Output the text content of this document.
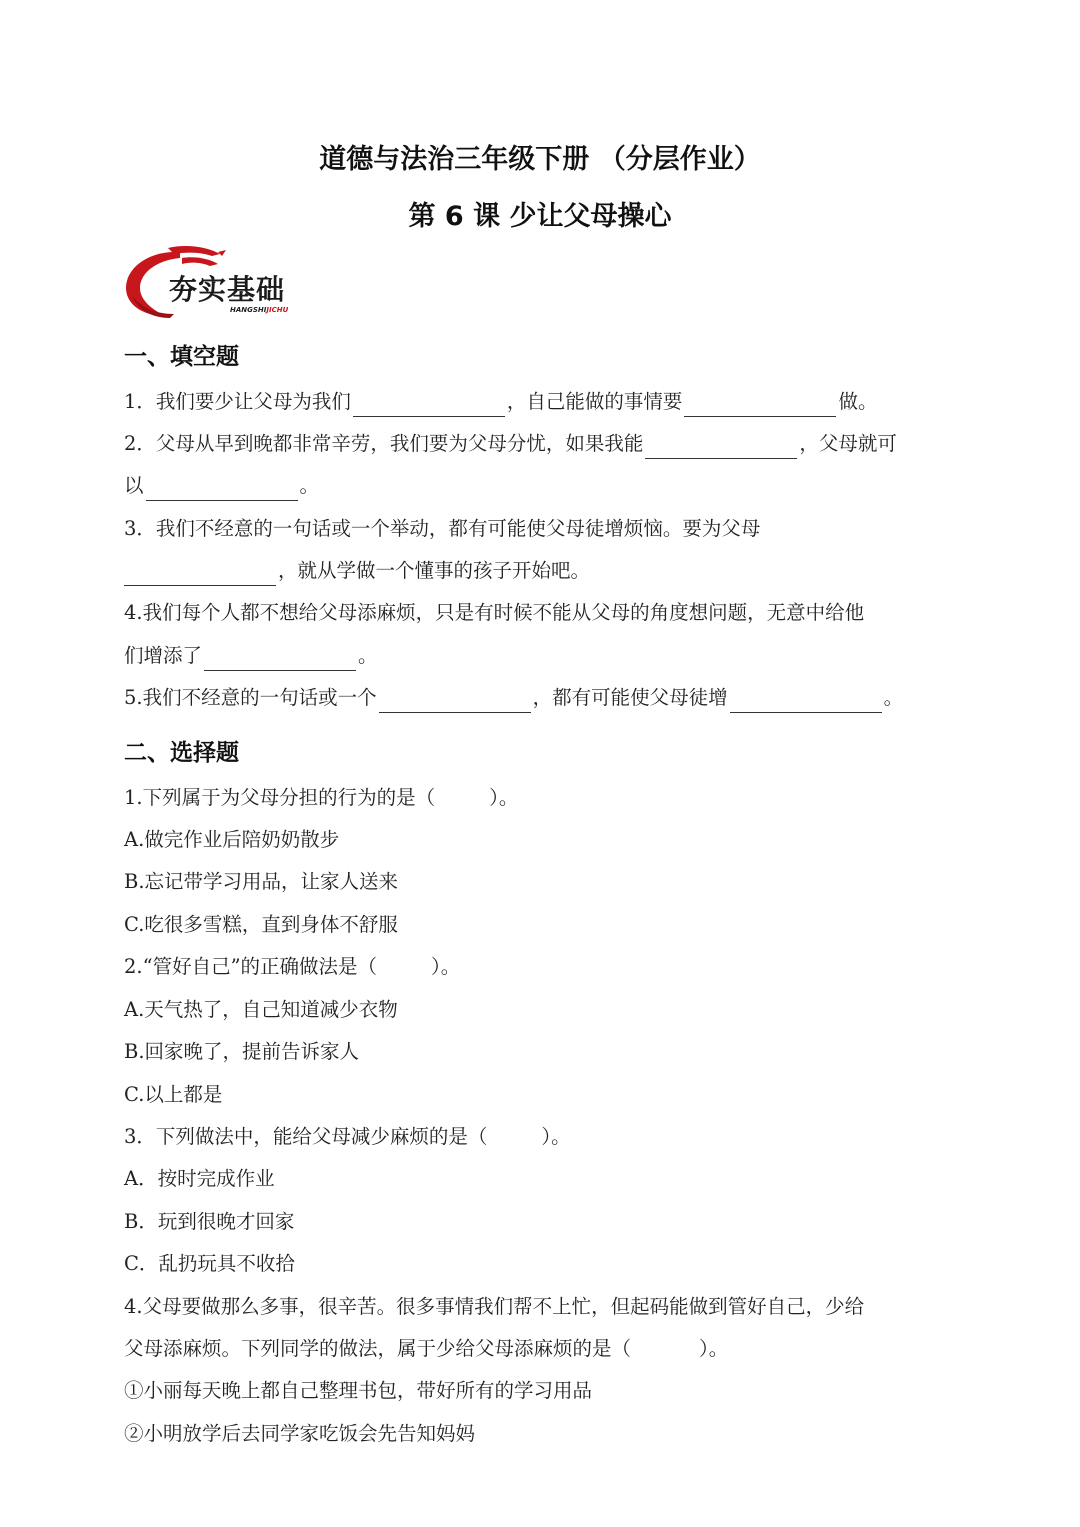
道德与法治三年级下册 （分层作业）
第 6 课 少让父母操心
夯实基础
HANGSHIJICHU
一、填空题
1．我们要少让父母为我们	，自己能做的事情要	做。
2．父母从早到晚都非常辛劳，我们要为父母分忧，如果我能	，父母就可
以	。
3．我们不经意的一句话或一个举动，都有可能使父母徒增烦恼。要为父母
，就从学做一个懂事的孩子开始吧。
4.我们每个人都不想给父母添麻烦，只是有时候不能从父母的角度想问题，无意中给他
们增添了	。
5.我们不经意的一句话或一个	，都有可能使父母徒增	。
二、选择题
1.下列属于为父母分担的行为的是（	）。
A.做完作业后陪奶奶散步
B.忘记带学习用品，让家人送来
C.吃很多雪糕，直到身体不舒服
2.“管好自己”的正确做法是（	）。
A.天气热了，自己知道减少衣物
B.回家晚了，提前告诉家人
C.以上都是
3．下列做法中，能给父母减少麻烦的是（	）。
A．按时完成作业
B．玩到很晚才回家
C．乱扔玩具不收拾
4.父母要做那么多事，很辛苦。很多事情我们帮不上忙，但起码能做到管好自己，少给
父母添麻烦。下列同学的做法，属于少给父母添麻烦的是（	）。
①小丽每天晚上都自己整理书包，带好所有的学习用品
②小明放学后去同学家吃饭会先告知妈妈
